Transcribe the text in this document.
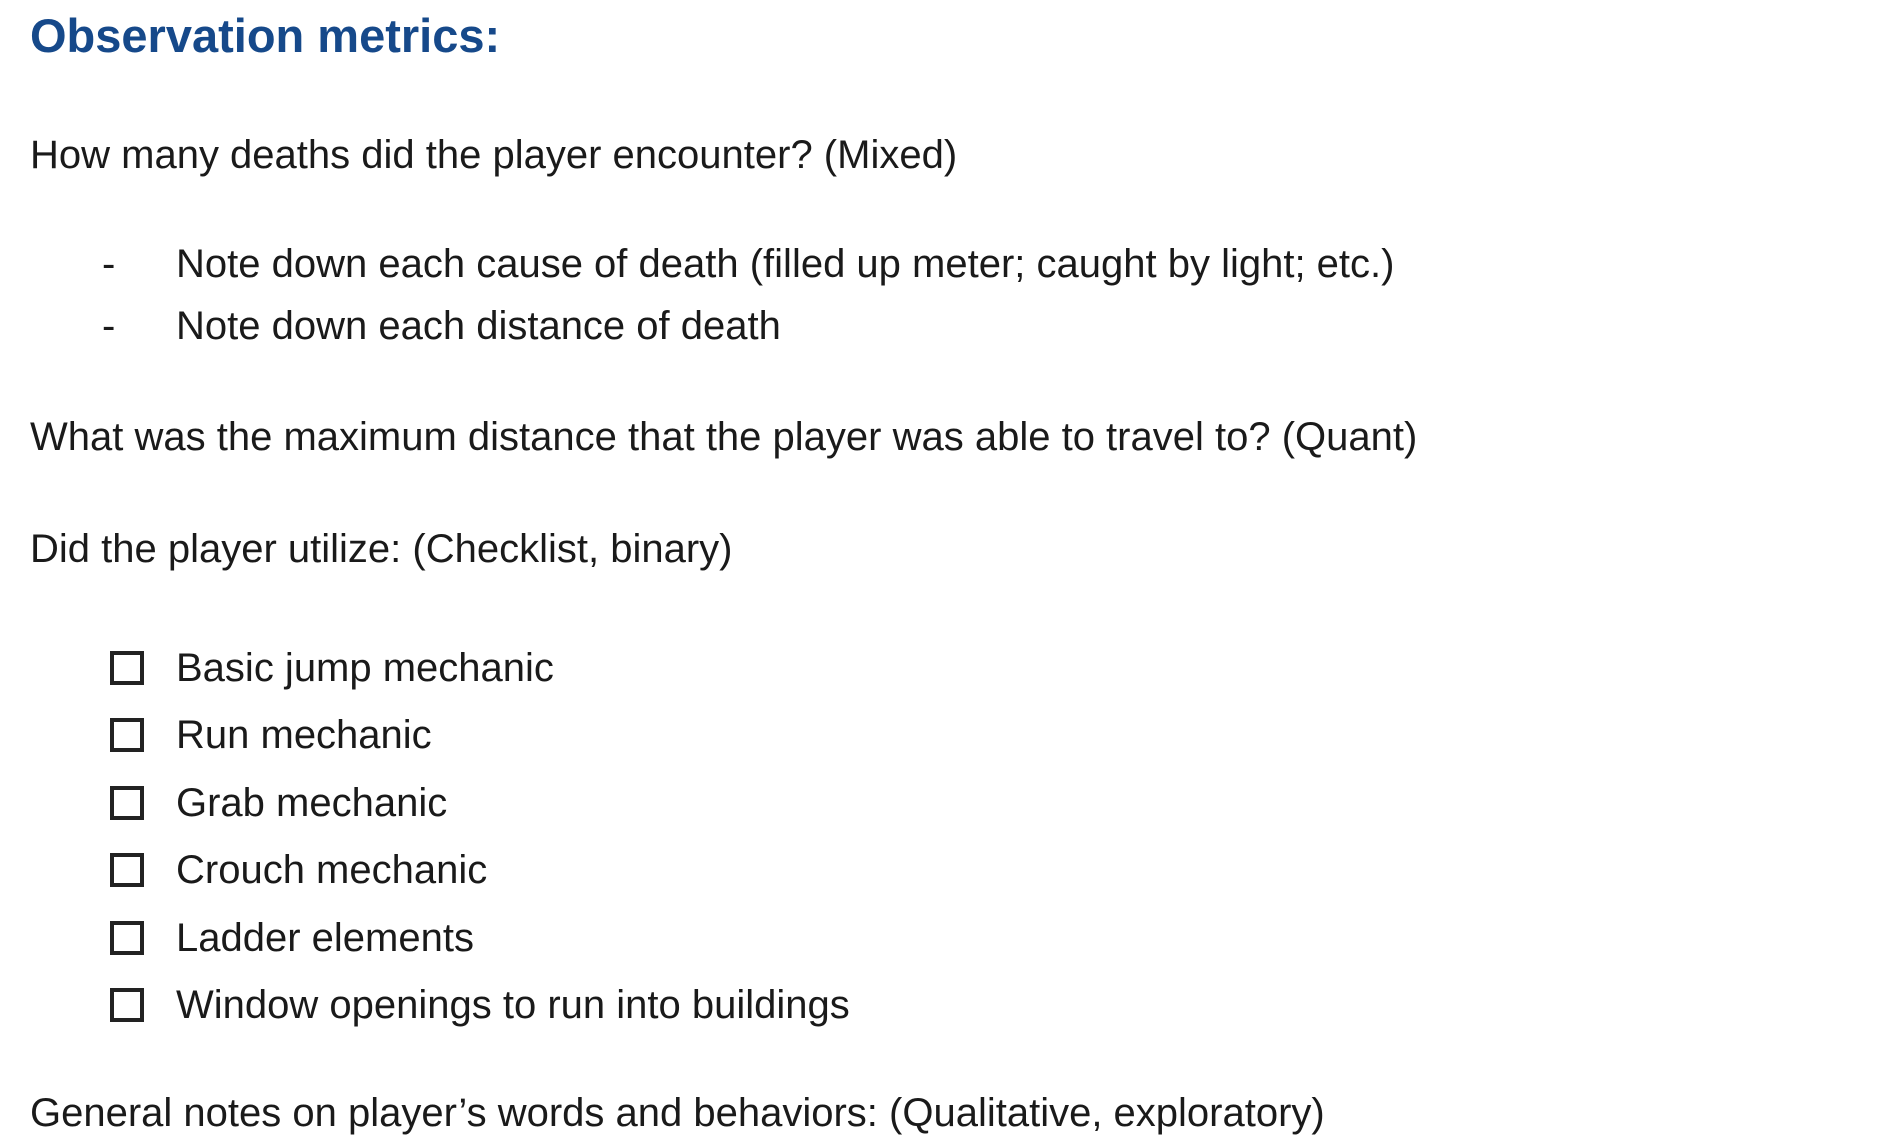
Observation metrics:
How many deaths did the player encounter? (Mixed)
- Note down each cause of death (filled up meter; caught by light; etc.)
- Note down each distance of death
What was the maximum distance that the player was able to travel to? (Quant)
Did the player utilize: (Checklist, binary)
Basic jump mechanic
Run mechanic
Grab mechanic
Crouch mechanic
Ladder elements
Window openings to run into buildings
General notes on player’s words and behaviors: (Qualitative, exploratory)
